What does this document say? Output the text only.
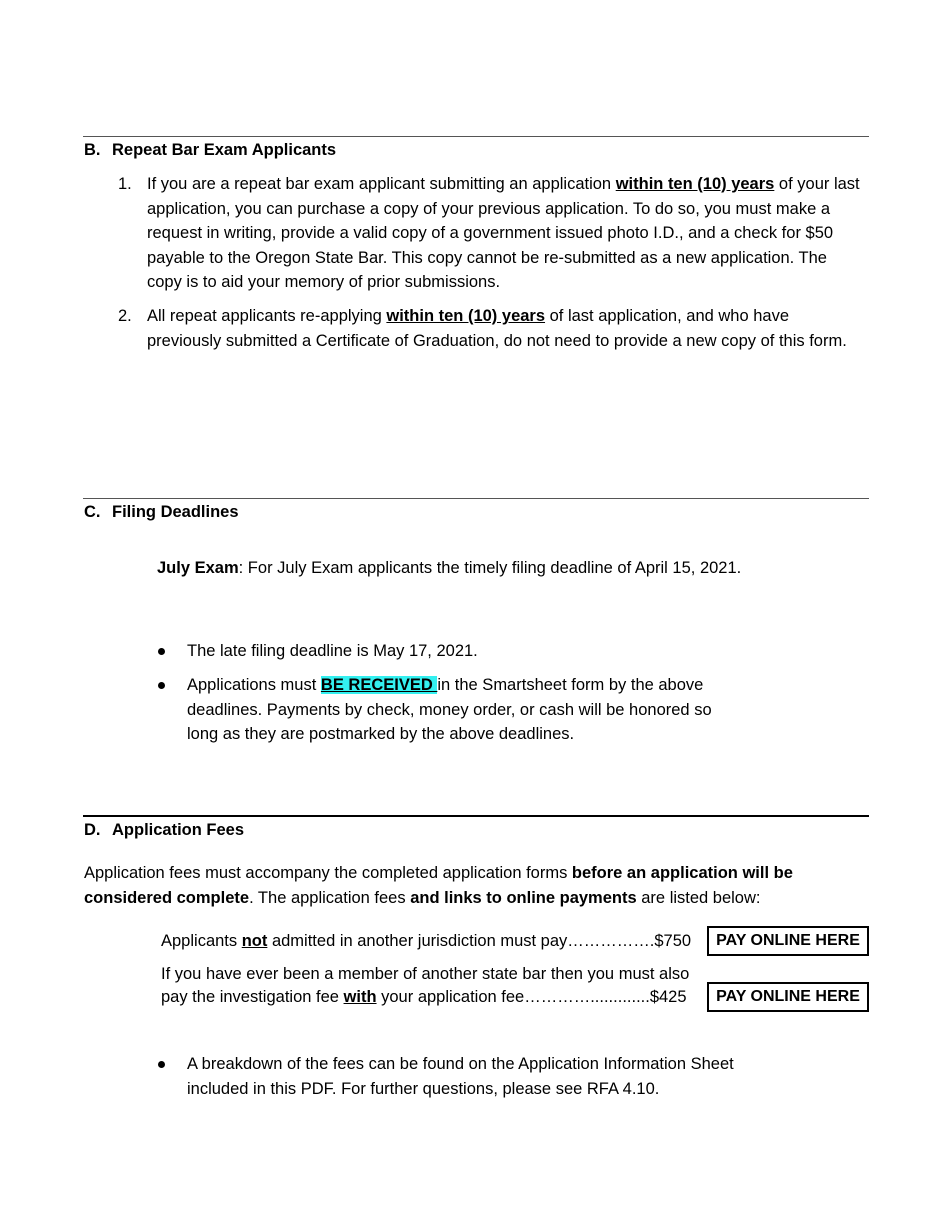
B. Repeat Bar Exam Applicants
1. If you are a repeat bar exam applicant submitting an application within ten (10) years of your last application, you can purchase a copy of your previous application. To do so, you must make a request in writing, provide a valid copy of a government issued photo I.D., and a check for $50 payable to the Oregon State Bar. This copy cannot be re-submitted as a new application. The copy is to aid your memory of prior submissions.
2. All repeat applicants re-applying within ten (10) years of last application, and who have previously submitted a Certificate of Graduation, do not need to provide a new copy of this form.
C. Filing Deadlines
July Exam: For July Exam applicants the timely filing deadline of April 15, 2021.
The late filing deadline is May 17, 2021.
Applications must BE RECEIVED in the Smartsheet form by the above deadlines. Payments by check, money order, or cash will be honored so long as they are postmarked by the above deadlines.
D. Application Fees
Application fees must accompany the completed application forms before an application will be considered complete. The application fees and links to online payments are listed below:
Applicants not admitted in another jurisdiction must pay…………….$750	PAY ONLINE HERE
If you have ever been a member of another state bar then you must also
pay the investigation fee with your application fee………….............$425	PAY ONLINE HERE
A breakdown of the fees can be found on the Application Information Sheet included in this PDF. For further questions, please see RFA 4.10.
